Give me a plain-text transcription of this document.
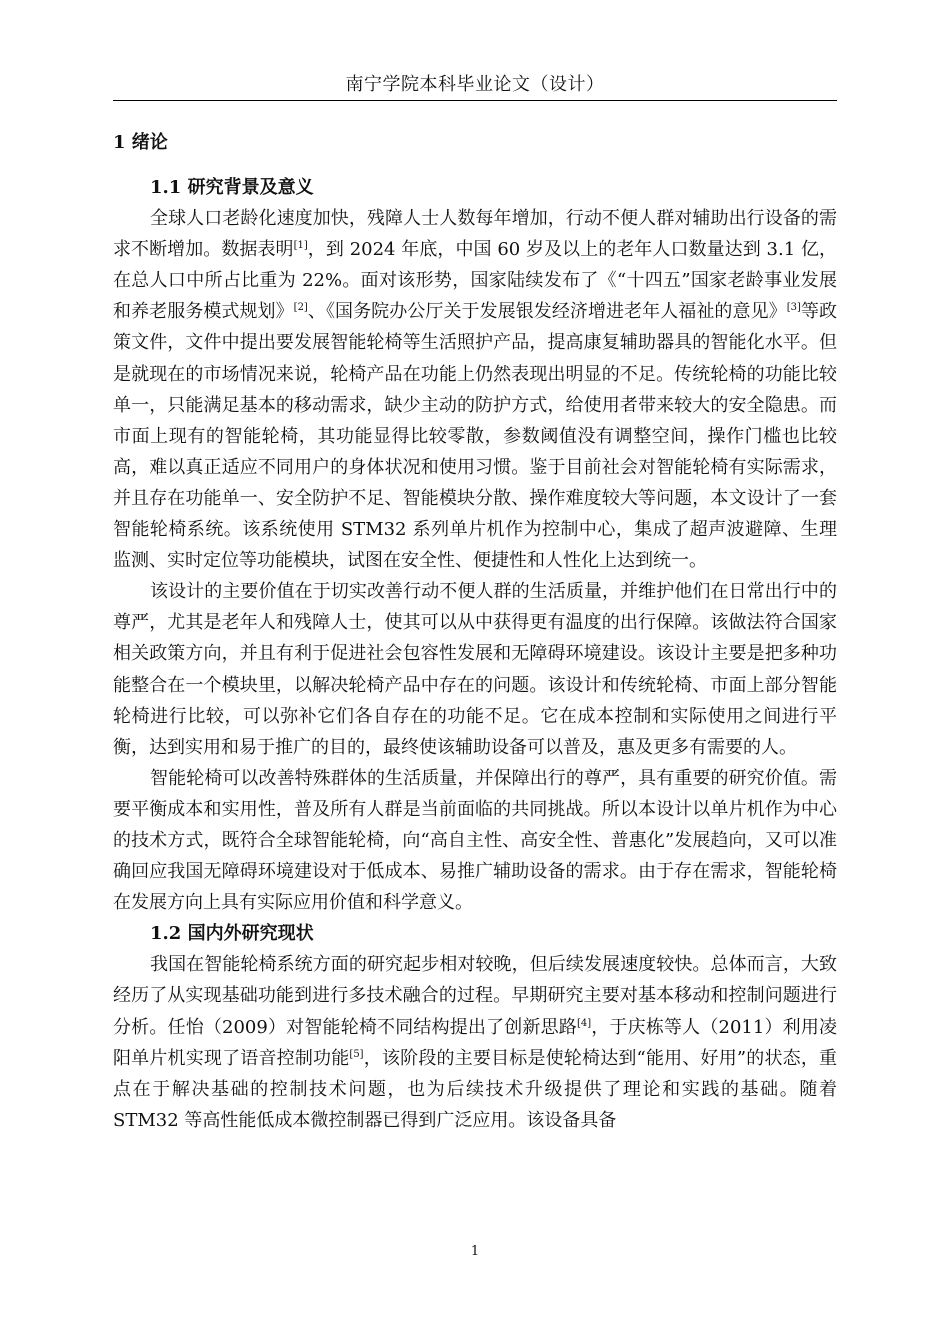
南宁学院本科毕业论文（设计）
1 绪论

1.1 研究背景及意义

全球人口老龄化速度加快，残障人士人数每年增加，行动不便人群对辅助出行设备的需求不断增加。数据表明[1]，到 2024 年底，中国 60 岁及以上的老年人口数量达到 3.1 亿，在总人口中所占比重为 22%。面对该形势，国家陆续发布了《“十四五”国家老龄事业发展和养老服务模式规划》[2]、《国务院办公厅关于发展银发经济增进老年人福祉的意见》[3]等政策文件，文件中提出要发展智能轮椅等生活照护产品，提高康复辅助器具的智能化水平。但是就现在的市场情况来说，轮椅产品在功能上仍然表现出明显的不足。传统轮椅的功能比较单一，只能满足基本的移动需求，缺少主动的防护方式，给使用者带来较大的安全隐患。而市面上现有的智能轮椅，其功能显得比较零散，参数阈值没有调整空间，操作门槛也比较高，难以真正适应不同用户的身体状况和使用习惯。鉴于目前社会对智能轮椅有实际需求，并且存在功能单一、安全防护不足、智能模块分散、操作难度较大等问题，本文设计了一套智能轮椅系统。该系统使用 STM32 系列单片机作为控制中心，集成了超声波避障、生理监测、实时定位等功能模块，试图在安全性、便捷性和人性化上达到统一。

该设计的主要价值在于切实改善行动不便人群的生活质量，并维护他们在日常出行中的尊严，尤其是老年人和残障人士，使其可以从中获得更有温度的出行保障。该做法符合国家相关政策方向，并且有利于促进社会包容性发展和无障碍环境建设。该设计主要是把多种功能整合在一个模块里，以解决轮椅产品中存在的问题。该设计和传统轮椅、市面上部分智能轮椅进行比较，可以弥补它们各自存在的功能不足。它在成本控制和实际使用之间进行平衡，达到实用和易于推广的目的，最终使该辅助设备可以普及，惠及更多有需要的人。

智能轮椅可以改善特殊群体的生活质量，并保障出行的尊严，具有重要的研究价值。需要平衡成本和实用性，普及所有人群是当前面临的共同挑战。所以本设计以单片机作为中心的技术方式，既符合全球智能轮椅，向“高自主性、高安全性、普惠化”发展趋向，又可以准确回应我国无障碍环境建设对于低成本、易推广辅助设备的需求。由于存在需求，智能轮椅在发展方向上具有实际应用价值和科学意义。

1.2 国内外研究现状

我国在智能轮椅系统方面的研究起步相对较晚，但后续发展速度较快。总体而言，大致经历了从实现基础功能到进行多技术融合的过程。早期研究主要对基本移动和控制问题进行分析。任怡（2009）对智能轮椅不同结构提出了创新思路[4]，于庆栋等人（2011）利用凌阳单片机实现了语音控制功能[5]，该阶段的主要目标是使轮椅达到“能用、好用”的状态，重点在于解决基础的控制技术问题，也为后续技术升级提供了理论和实践的基础。随着 STM32 等高性能低成本微控制器已得到广泛应用。该设备具备

1
